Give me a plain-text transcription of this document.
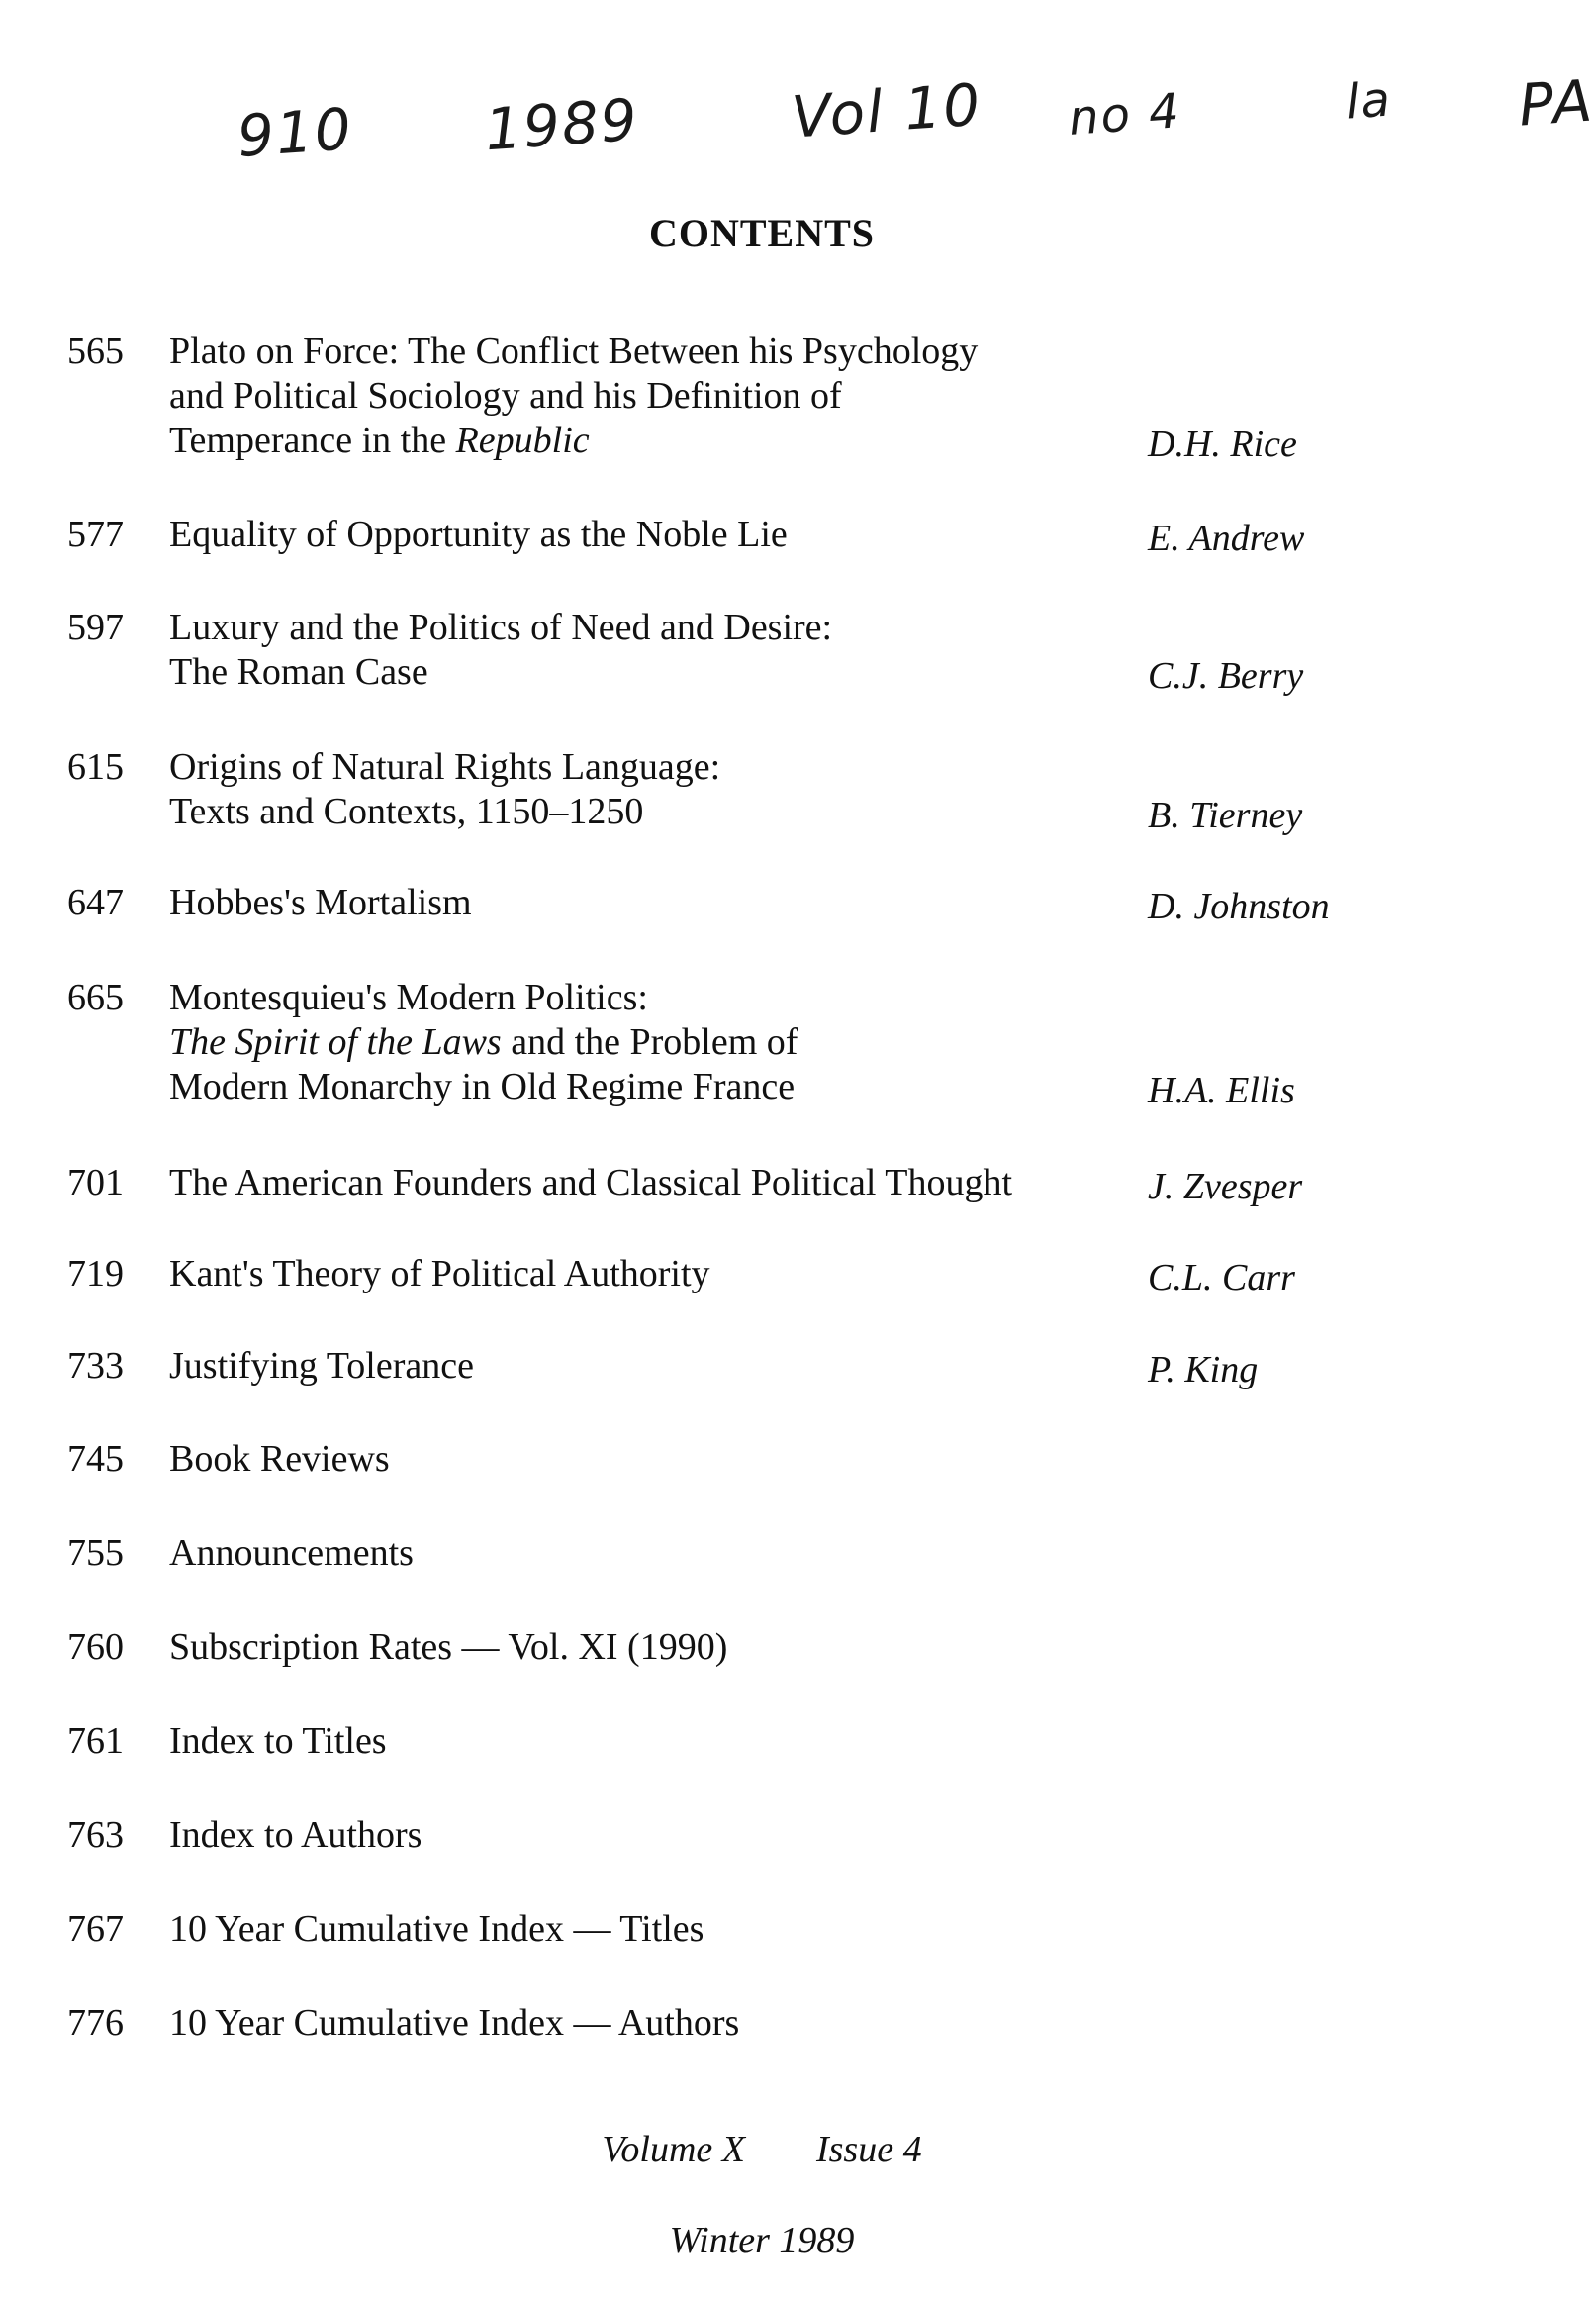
910 1989	Vol 10 no 4	la PA
CONTENTS
565 Plato on Force: The Conflict Between his Psychology
and Political Sociology and his Definition of
Temperance in the Republic	D.H. Rice
577 Equality of Opportunity as the Noble Lie	E. Andrew
597 Luxury and the Politics of Need and Desire:
The Roman Case	C.J. Berry
615 Origins of Natural Rights Language:
Texts and Contexts, 1150–1250	B. Tierney
647 Hobbes's Mortalism	D. Johnston
665 Montesquieu's Modern Politics:
The Spirit of the Laws and the Problem of
Modern Monarchy in Old Regime France	H.A. Ellis
701 The American Founders and Classical Political Thought	J. Zvesper
719 Kant's Theory of Political Authority	C.L. Carr
733 Justifying Tolerance	P. King
745 Book Reviews
755 Announcements
760 Subscription Rates — Vol. XI (1990)
761 Index to Titles
763 Index to Authors
767 10 Year Cumulative Index — Titles
776 10 Year Cumulative Index — Authors
Volume X Issue 4
Winter 1989
